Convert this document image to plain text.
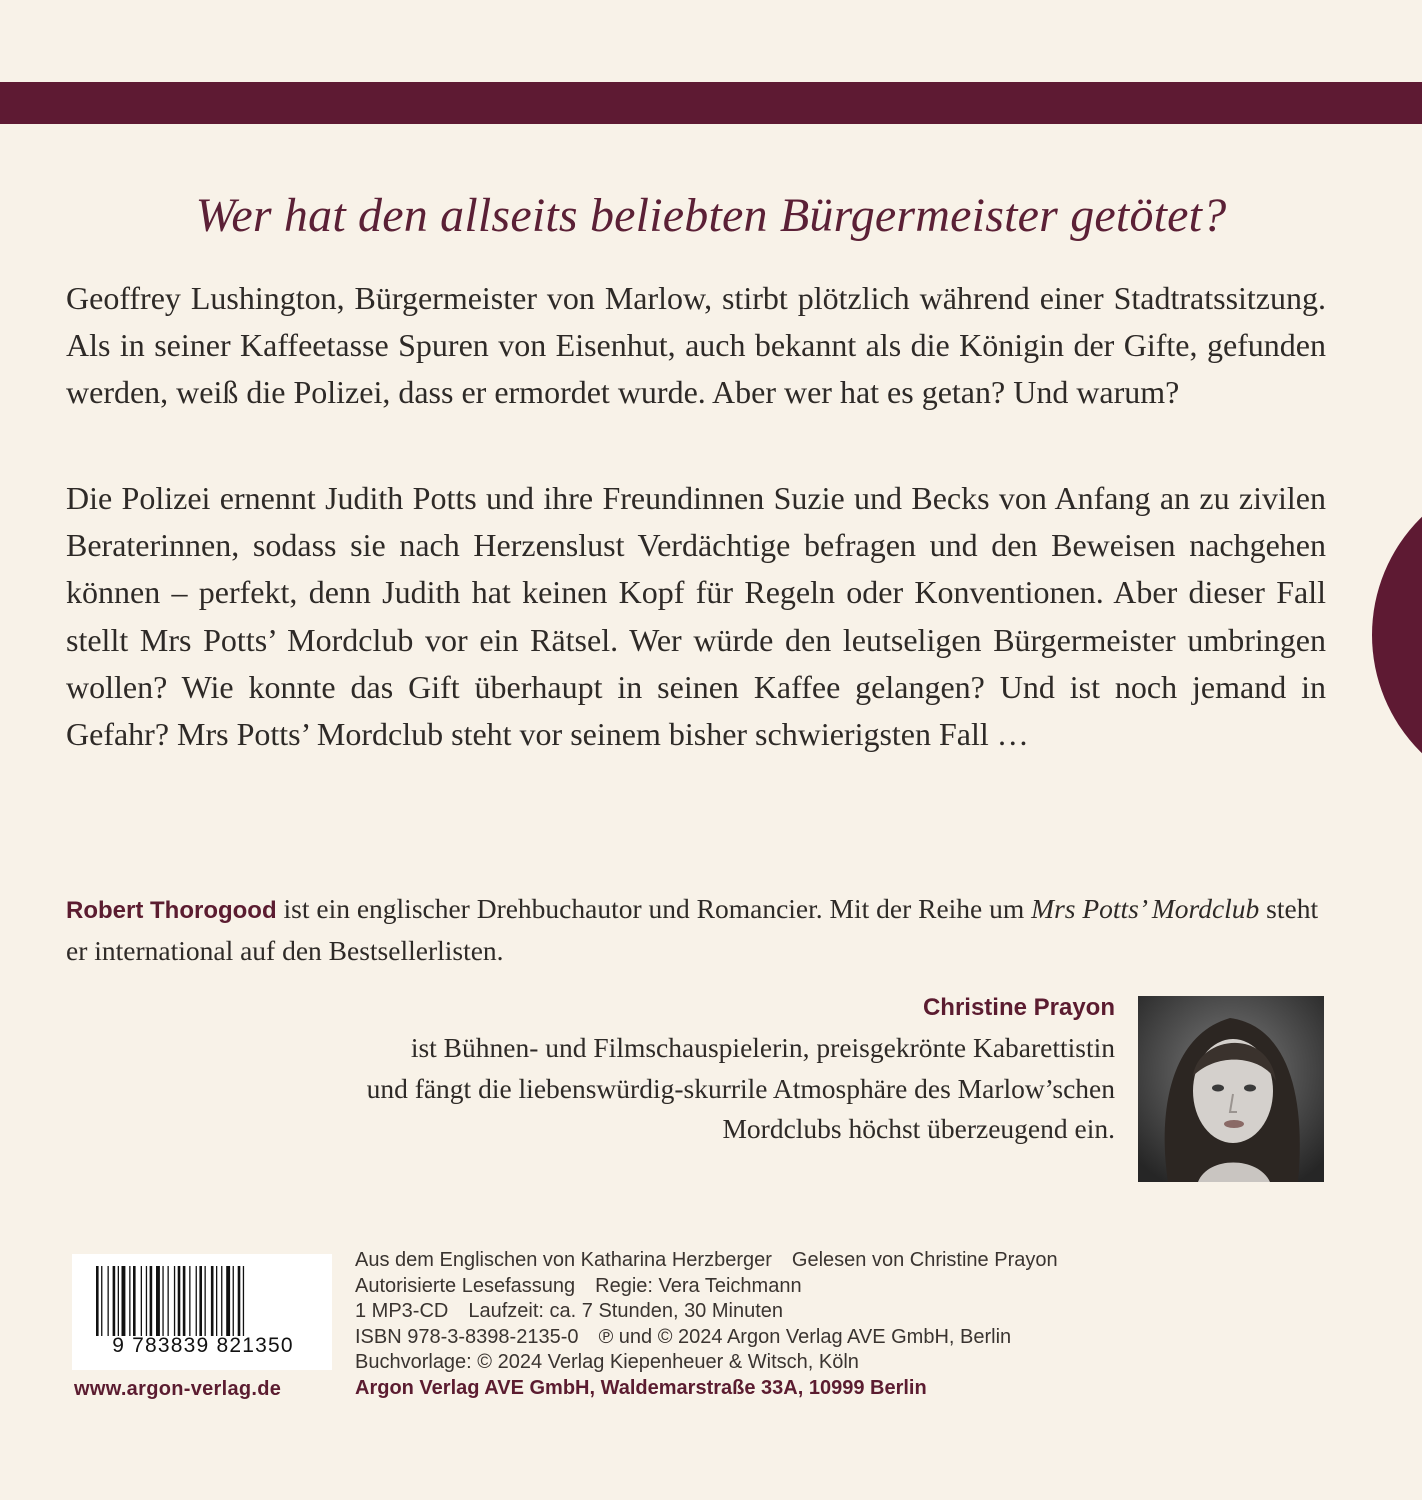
Wer hat den allseits beliebten Bürgermeister getötet?

Geoffrey Lushington, Bürgermeister von Marlow, stirbt plötzlich während einer Stadtratssitzung. Als in seiner Kaffeetasse Spuren von Eisenhut, auch bekannt als die Königin der Gifte, gefunden werden, weiß die Polizei, dass er ermordet wurde. Aber wer hat es getan? Und warum?

Die Polizei ernennt Judith Potts und ihre Freundinnen Suzie und Becks von Anfang an zu zivilen Beraterinnen, sodass sie nach Herzenslust Verdächtige befragen und den Beweisen nachgehen können – perfekt, denn Judith hat keinen Kopf für Regeln oder Konventionen. Aber dieser Fall stellt Mrs Potts’ Mordclub vor ein Rätsel. Wer würde den leutseligen Bürgermeister umbringen wollen? Wie konnte das Gift überhaupt in seinen Kaffee gelangen? Und ist noch jemand in Gefahr? Mrs Potts’ Mordclub steht vor seinem bisher schwierigsten Fall …

Robert Thorogood ist ein englischer Drehbuchautor und Romancier. Mit der Reihe um Mrs Potts’ Mordclub steht er international auf den Bestsellerlisten.

Christine Prayon
ist Bühnen- und Filmschauspielerin, preisgekrönte Kabarettistin
und fängt die liebenswürdig-skurrile Atmosphäre des Marlow’schen
Mordclubs höchst überzeugend ein.
9 783839 821350
www.argon-verlag.de
Aus dem Englischen von Katharina Herzberger Gelesen von Christine Prayon
Autorisierte Lesefassung Regie: Vera Teichmann
1 MP3-CD Laufzeit: ca. 7 Stunden, 30 Minuten
ISBN 978-3-8398-2135-0 ℗ und © 2024 Argon Verlag AVE GmbH, Berlin
Buchvorlage: © 2024 Verlag Kiepenheuer & Witsch, Köln
Argon Verlag AVE GmbH, Waldemarstraße 33A, 10999 Berlin
